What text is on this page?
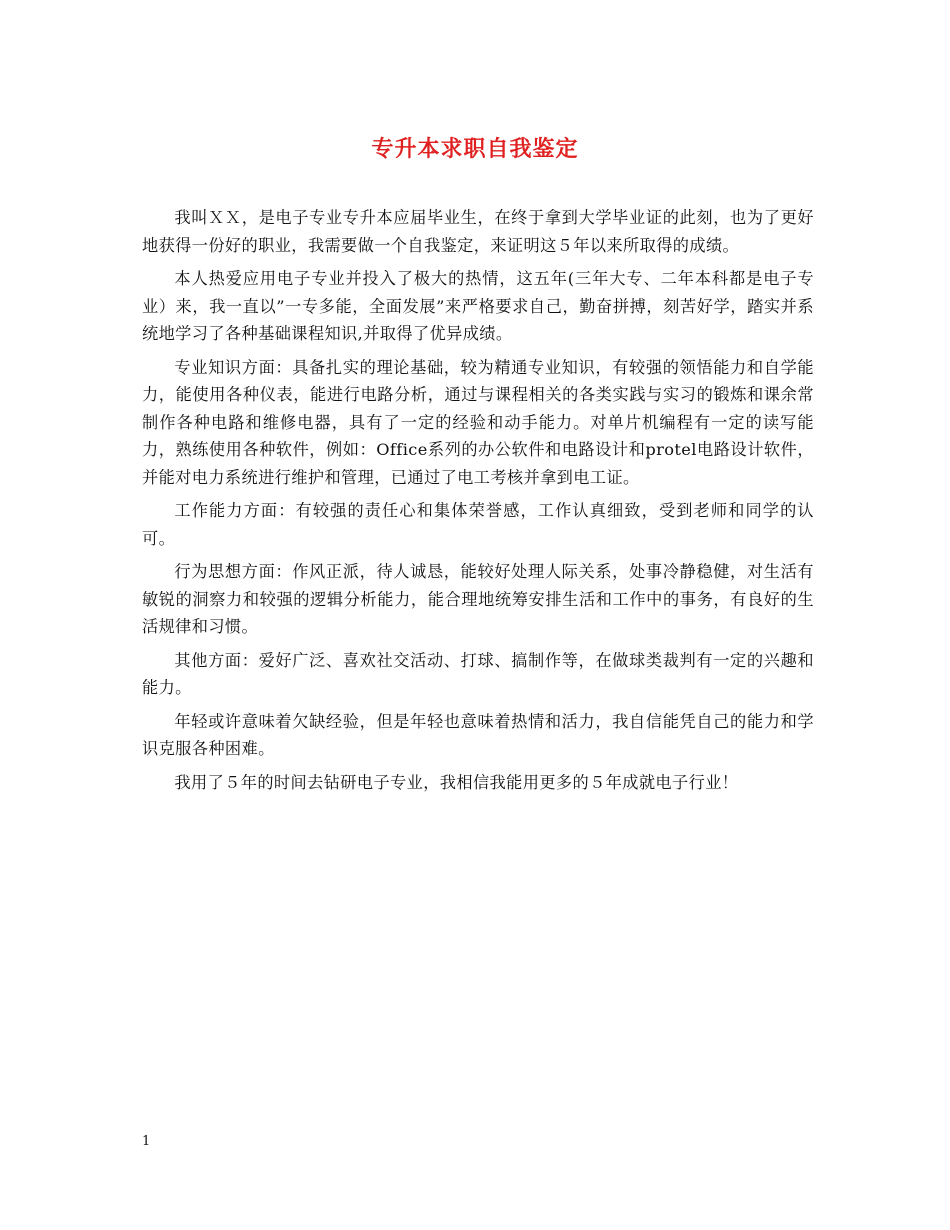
专升本求职自我鉴定

我叫ＸＸ，是电子专业专升本应届毕业生，在终于拿到大学毕业证的此刻，也为了更好地获得一份好的职业，我需要做一个自我鉴定，来证明这５年以来所取得的成绩。

本人热爱应用电子专业并投入了极大的热情，这五年(三年大专、二年本科都是电子专业）来，我一直以”一专多能，全面发展”来严格要求自己，勤奋拼搏，刻苦好学，踏实并系统地学习了各种基础课程知识,并取得了优异成绩。

专业知识方面：具备扎实的理论基础，较为精通专业知识，有较强的领悟能力和自学能力，能使用各种仪表，能进行电路分析，通过与课程相关的各类实践与实习的锻炼和课余常制作各种电路和维修电器，具有了一定的经验和动手能力。对单片机编程有一定的读写能力，熟练使用各种软件，例如：Office系列的办公软件和电路设计和protel电路设计软件，并能对电力系统进行维护和管理，已通过了电工考核并拿到电工证。

工作能力方面：有较强的责任心和集体荣誉感，工作认真细致，受到老师和同学的认可。

行为思想方面：作风正派，待人诚恳，能较好处理人际关系，处事冷静稳健，对生活有敏锐的洞察力和较强的逻辑分析能力，能合理地统筹安排生活和工作中的事务，有良好的生活规律和习惯。

其他方面：爱好广泛、喜欢社交活动、打球、搞制作等，在做球类裁判有一定的兴趣和能力。

年轻或许意味着欠缺经验，但是年轻也意味着热情和活力，我自信能凭自己的能力和学识克服各种困难。

我用了５年的时间去钻研电子专业，我相信我能用更多的５年成就电子行业！

1
